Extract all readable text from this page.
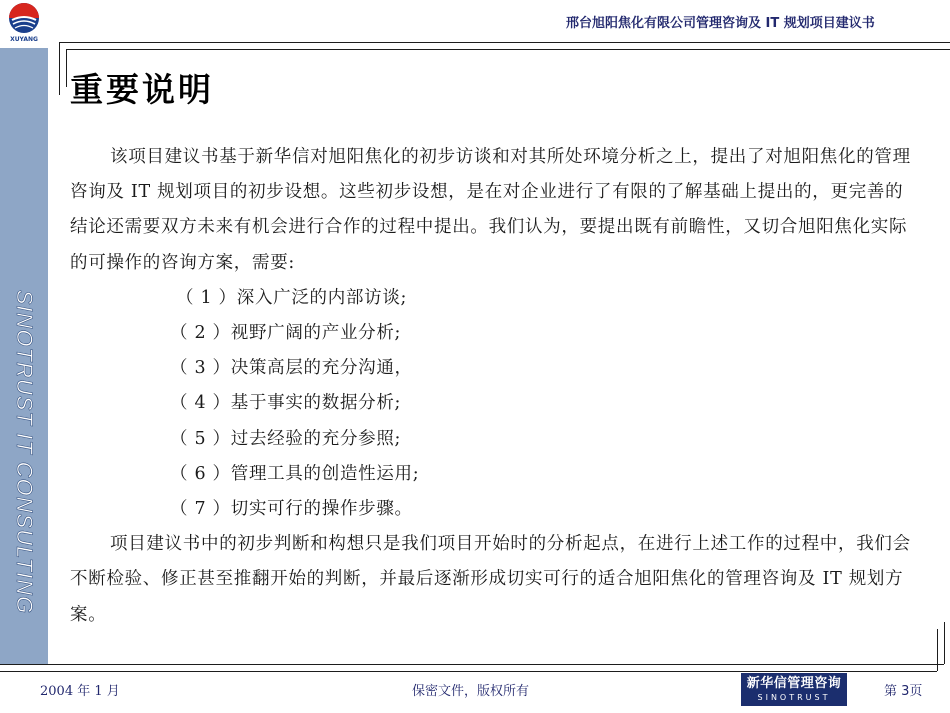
XUYANG
SINOTRUST IT CONSULTING
邢台旭阳焦化有限公司管理咨询及 IT 规划项目建议书
重要说明

该项目建议书基于新华信对旭阳焦化的初步访谈和对其所处环境分析之上，提出了对旭阳焦化的管理咨询及 IT 规划项目的初步设想。这些初步设想，是在对企业进行了有限的了解基础上提出的，更完善的结论还需要双方未来有机会进行合作的过程中提出。我们认为，要提出既有前瞻性，又切合旭阳焦化实际的可操作的咨询方案，需要:

（ 1 ）深入广泛的内部访谈;

（ 2 ）视野广阔的产业分析;

（ 3 ）决策高层的充分沟通，

（ 4 ）基于事实的数据分析;

（ 5 ）过去经验的充分参照;

（ 6 ）管理工具的创造性运用;

（ 7 ）切实可行的操作步骤。

项目建议书中的初步判断和构想只是我们项目开始时的分析起点，在进行上述工作的过程中，我们会不断检验、修正甚至推翻开始的判断，并最后逐渐形成切实可行的适合旭阳焦化的管理咨询及 IT 规划方案。

2004 年 1 月	保密文件，版权所有
新华信管理咨询
SINOTRUST	第 3页
